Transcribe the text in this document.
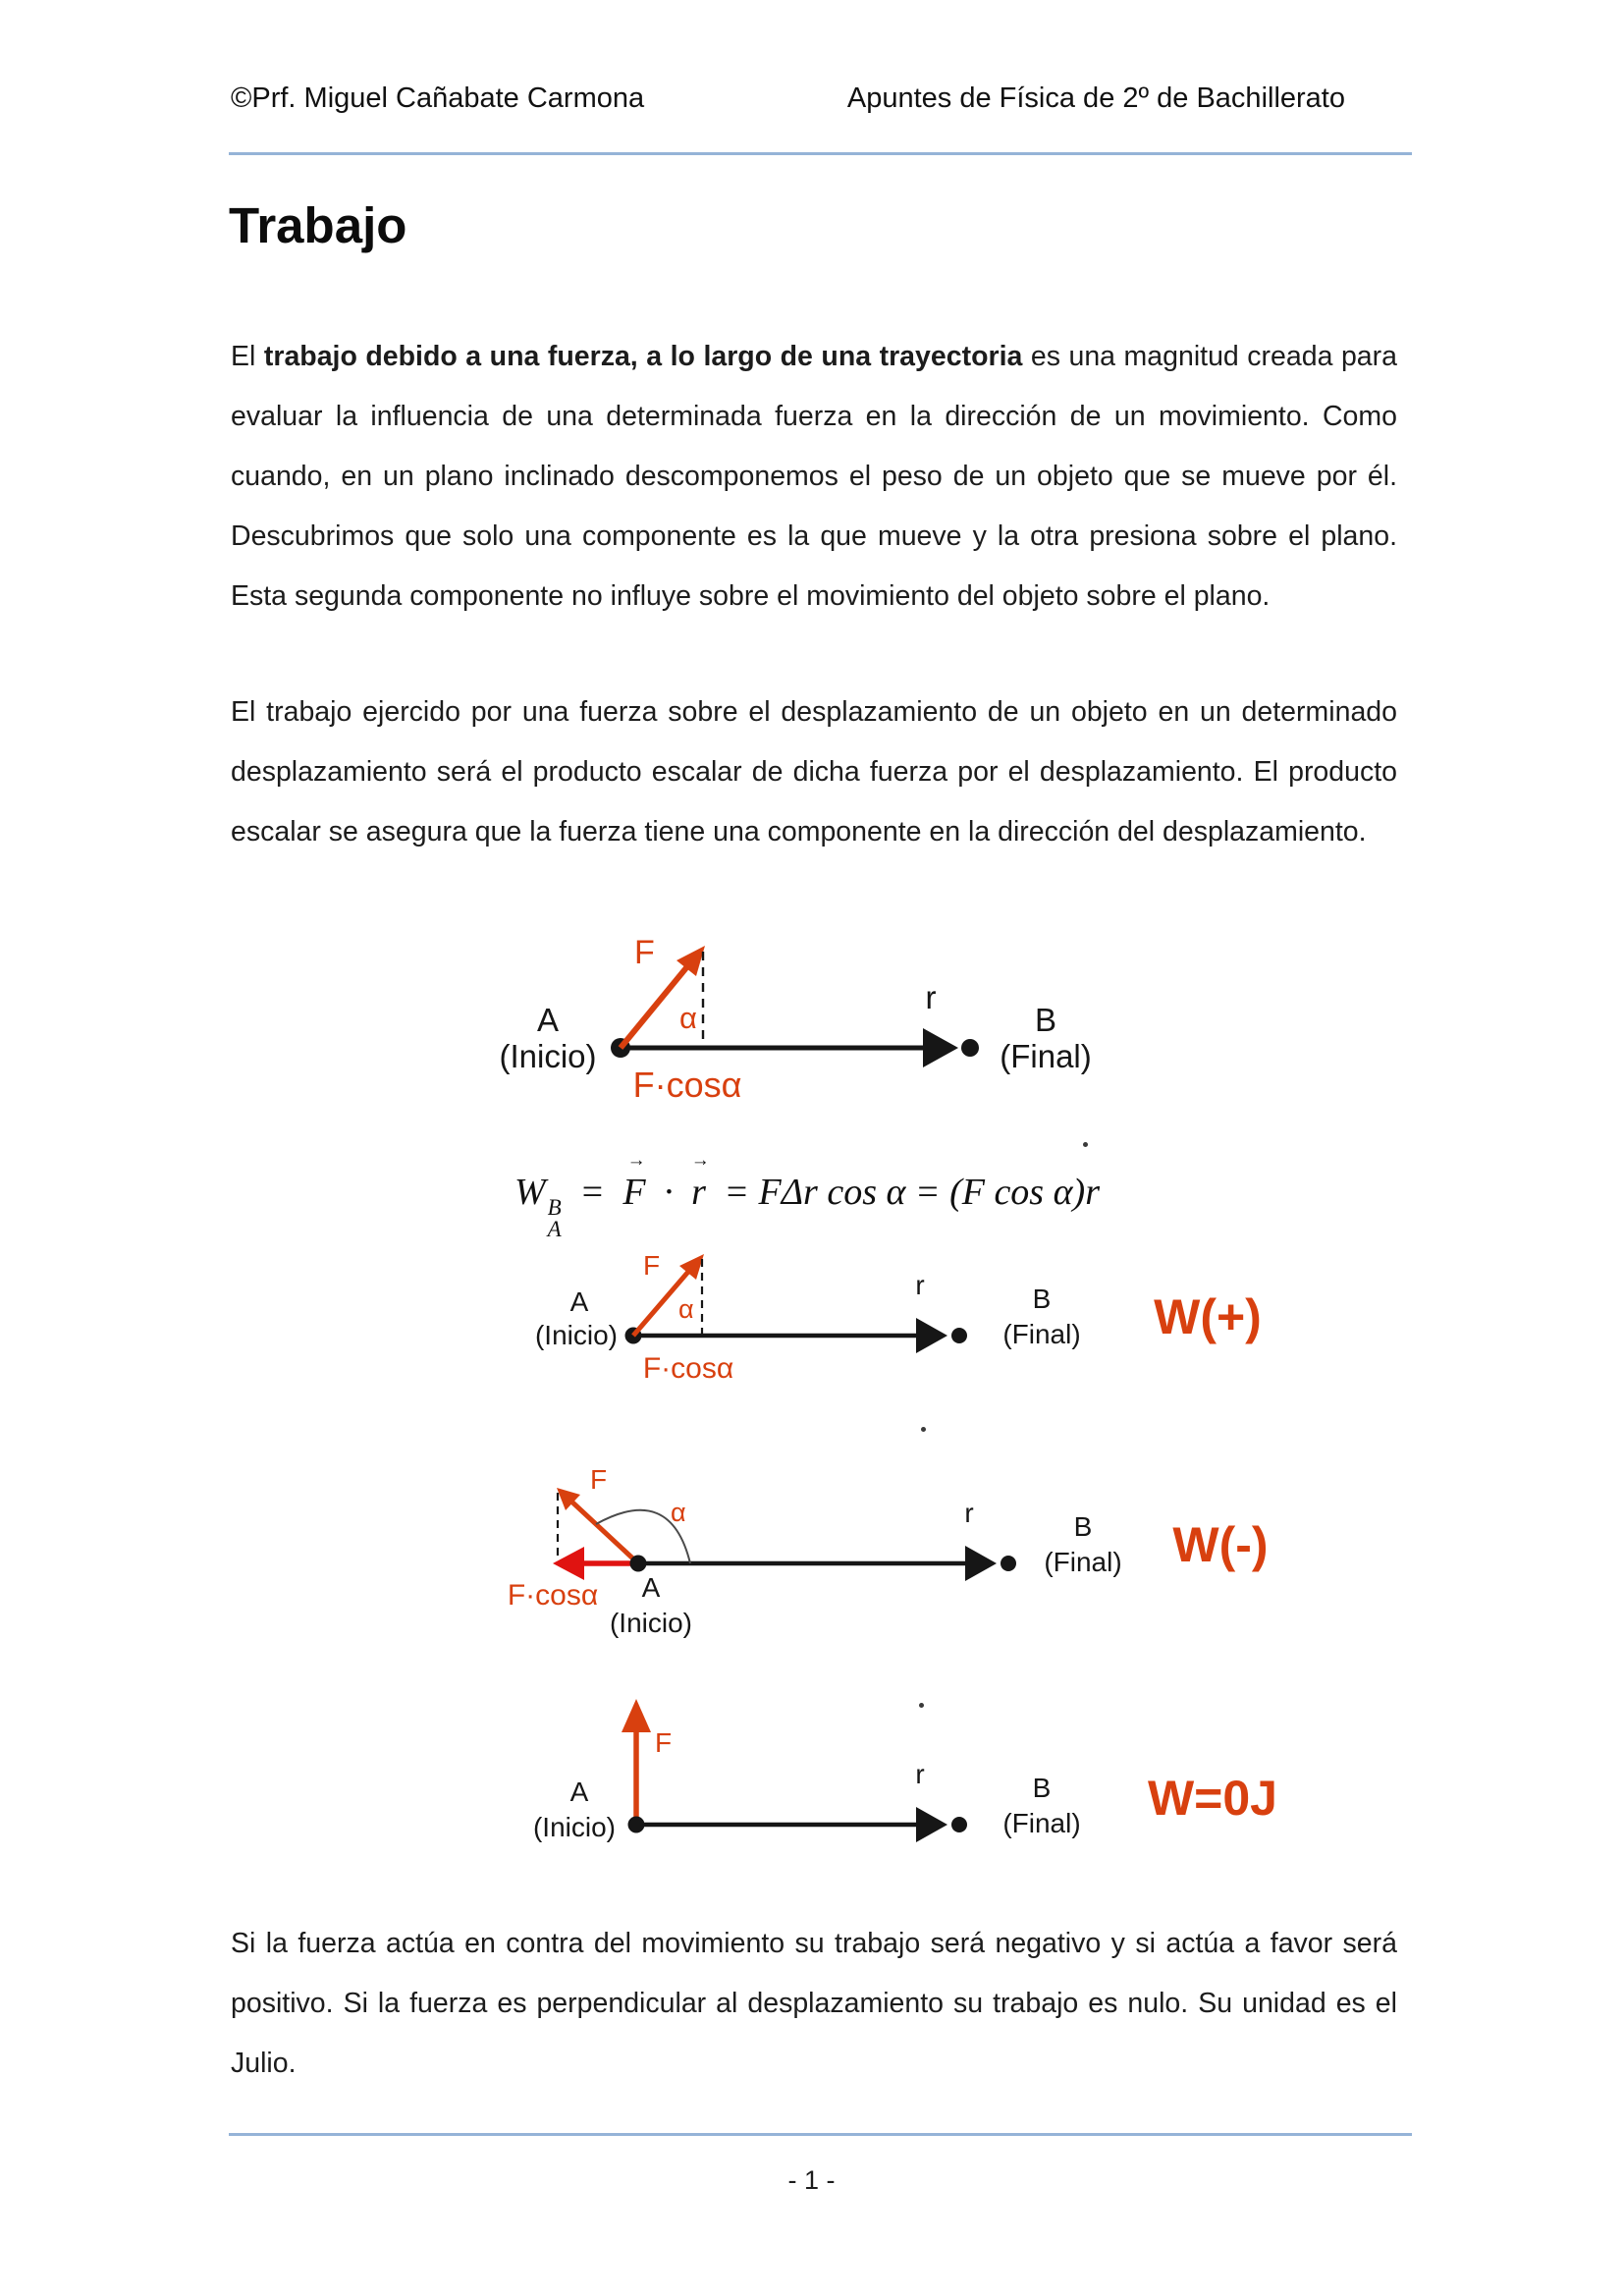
©Prf. Miguel Cañabate Carmona	Apuntes de Física de 2º de Bachillerato
Trabajo

El trabajo debido a una fuerza, a lo largo de una trayectoria es una magnitud creada para evaluar la influencia de una determinada fuerza en la dirección de un movimiento. Como cuando, en un plano inclinado descomponemos el peso de un objeto que se mueve por él. Descubrimos que solo una componente es la que mueve y la otra presiona sobre el plano. Esta segunda componente no influye sobre el movimiento del objeto sobre el plano.

El trabajo ejercido por una fuerza sobre el desplazamiento de un objeto en un determinado desplazamiento será el producto escalar de dicha fuerza por el desplazamiento. El producto escalar se asegura que la fuerza tiene una componente en la dirección del desplazamiento.

A
(Inicio)
r
B
(Final)
α
F
F·cosα
W B
A
=
→
F ·
→
r = FΔr cos α = (F cos α)r
A
(Inicio)
r	B
(Final)
α
F
F·cosα
W(+)
F
F·cosα A
(Inicio)
r	B
(Final)
α
W(-)
F
A
(Inicio)
r	B
(Final) W=0J

Si la fuerza actúa en contra del movimiento su trabajo será negativo y si actúa a favor será positivo. Si la fuerza es perpendicular al desplazamiento su trabajo es nulo. Su unidad es el Julio.

- 1 -
